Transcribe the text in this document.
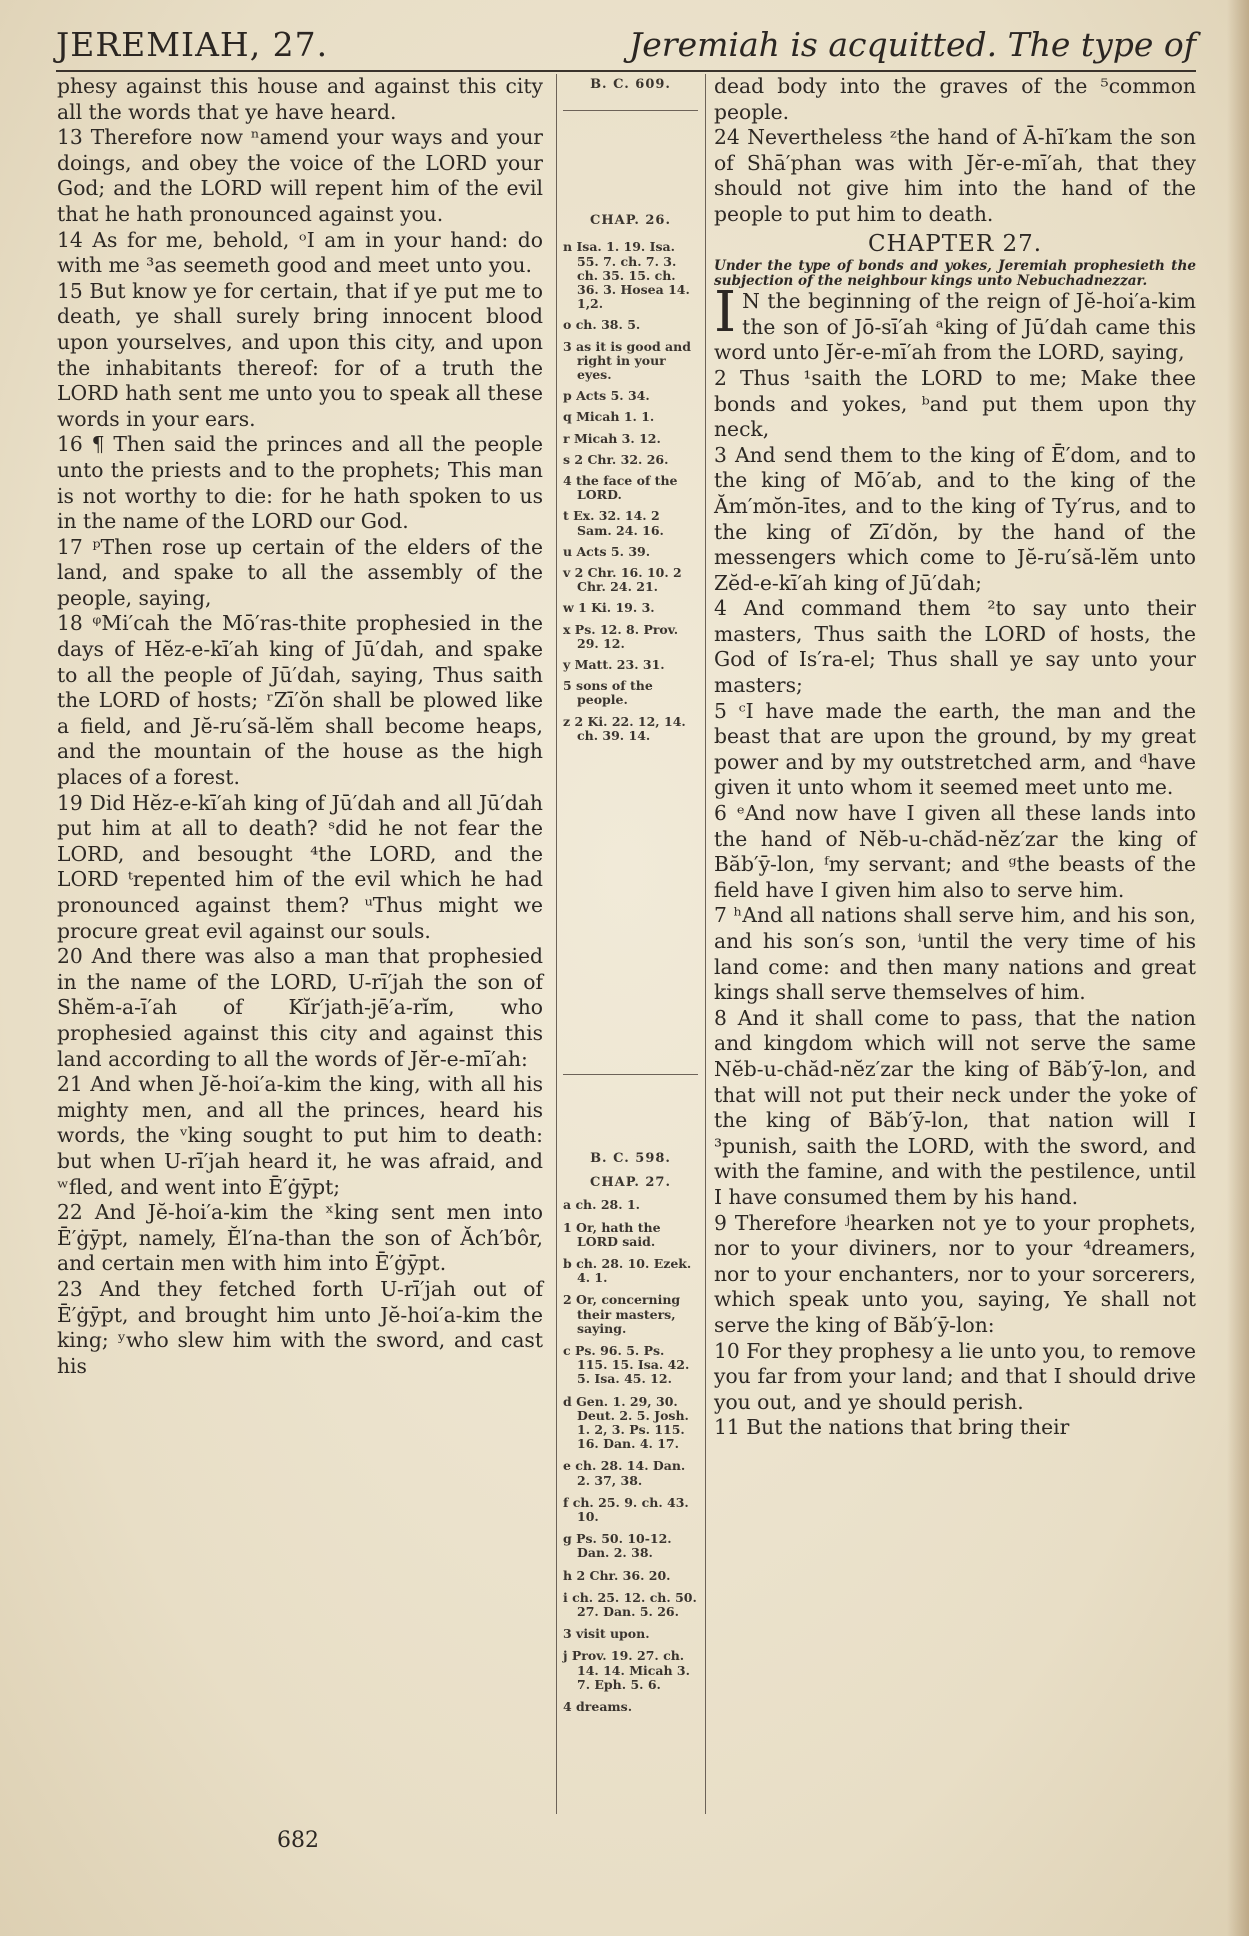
JEREMIAH, 27.	Jeremiah is acquitted. The type of

phesy against this house and against this city all the words that ye have heard.

13 Therefore now ⁿamend your ways and your doings, and obey the voice of the LORD your God; and the LORD will repent him of the evil that he hath pronounced against you.

14 As for me, behold, ᵒI am in your hand: do with me ³as seemeth good and meet unto you.

15 But know ye for certain, that if ye put me to death, ye shall surely bring innocent blood upon yourselves, and upon this city, and upon the inhabitants thereof: for of a truth the LORD hath sent me unto you to speak all these words in your ears.

16 ¶ Then said the princes and all the people unto the priests and to the prophets; This man is not worthy to die: for he hath spoken to us in the name of the LORD our God.

17 ᵖThen rose up certain of the elders of the land, and spake to all the assembly of the people, saying,

18 ᵠMi′cah the Mō′ras-thite prophesied in the days of Hĕz-e-kī′ah king of Jū′dah, and spake to all the people of Jū′dah, saying, Thus saith the LORD of hosts; ʳZī′ŏn shall be plowed like a field, and Jĕ-ru′să-lĕm shall become heaps, and the mountain of the house as the high places of a forest.

19 Did Hĕz-e-kī′ah king of Jū′dah and all Jū′dah put him at all to death? ˢdid he not fear the LORD, and besought ⁴the LORD, and the LORD ᵗrepented him of the evil which he had pronounced against them? ᵘThus might we procure great evil against our souls.

20 And there was also a man that prophesied in the name of the LORD, U-rī′jah the son of Shĕm-a-ī′ah of Kĭr′jath-jē′a-rĭm, who prophesied against this city and against this land according to all the words of Jĕr-e-mī′ah:

21 And when Jĕ-hoi′a-kim the king, with all his mighty men, and all the princes, heard his words, the ᵛking sought to put him to death: but when U-rī′jah heard it, he was afraid, and ʷfled, and went into Ē′ġȳpt;

22 And Jĕ-hoi′a-kim the ˣking sent men into Ē′ġȳpt, namely, Ĕl′na-than the son of Ăch′bôr, and certain men with him into Ē′ġȳpt.

23 And they fetched forth U-rī′jah out of Ē′ġȳpt, and brought him unto Jĕ-hoi′a-kim the king; ʸwho slew him with the sword, and cast his

B. C. 609.
CHAP. 26.
n Isa. 1. 19. Isa. 55. 7. ch. 7. 3. ch. 35. 15. ch. 36. 3. Hosea 14. 1,2.
o ch. 38. 5.
3 as it is good and right in your eyes.
p Acts 5. 34.
q Micah 1. 1.
r Micah 3. 12.
s 2 Chr. 32. 26.
4 the face of the LORD.
t Ex. 32. 14. 2 Sam. 24. 16.
u Acts 5. 39.
v 2 Chr. 16. 10. 2 Chr. 24. 21.
w 1 Ki. 19. 3.
x Ps. 12. 8. Prov. 29. 12.
y Matt. 23. 31.
5 sons of the people.
z 2 Ki. 22. 12, 14. ch. 39. 14.
B. C. 598.
CHAP. 27.
a ch. 28. 1.
1 Or, hath the LORD said.
b ch. 28. 10. Ezek. 4. 1.
2 Or, concerning their masters, saying.
c Ps. 96. 5. Ps. 115. 15. Isa. 42. 5. Isa. 45. 12.
d Gen. 1. 29, 30. Deut. 2. 5. Josh. 1. 2, 3. Ps. 115. 16. Dan. 4. 17.
e ch. 28. 14. Dan. 2. 37, 38.
f ch. 25. 9. ch. 43. 10.
g Ps. 50. 10-12. Dan. 2. 38.
h 2 Chr. 36. 20.
i ch. 25. 12. ch. 50. 27. Dan. 5. 26.
3 visit upon.
j Prov. 19. 27. ch. 14. 14. Micah 3. 7. Eph. 5. 6.
4 dreams.

dead body into the graves of the ⁵common people.

24 Nevertheless ᶻthe hand of Ā-hī′kam the son of Shā′phan was with Jĕr-e-mī′ah, that they should not give him into the hand of the people to put him to death.

CHAPTER 27.

Under the type of bonds and yokes, Jeremiah prophesieth the subjection of the neighbour kings unto Nebuchadnezzar.

I N the beginning of the reign of Jĕ-hoi′a-kim the son of Jō-sī′ah ᵃking of Jū′dah came this word unto Jĕr-e-mī′ah from the LORD, saying,

2 Thus ¹saith the LORD to me; Make thee bonds and yokes, ᵇand put them upon thy neck,

3 And send them to the king of Ē′dom, and to the king of Mō′ab, and to the king of the Ăm′mŏn-ītes, and to the king of Ty′rus, and to the king of Zī′dŏn, by the hand of the messengers which come to Jĕ-ru′să-lĕm unto Zĕd-e-kī′ah king of Jū′dah;

4 And command them ²to say unto their masters, Thus saith the LORD of hosts, the God of Is′ra-el; Thus shall ye say unto your masters;

5 ᶜI have made the earth, the man and the beast that are upon the ground, by my great power and by my outstretched arm, and ᵈhave given it unto whom it seemed meet unto me.

6 ᵉAnd now have I given all these lands into the hand of Nĕb-u-chăd-nĕz′zar the king of Băb′ȳ-lon, ᶠmy servant; and ᵍthe beasts of the field have I given him also to serve him.

7 ʰAnd all nations shall serve him, and his son, and his son′s son, ⁱuntil the very time of his land come: and then many nations and great kings shall serve themselves of him.

8 And it shall come to pass, that the nation and kingdom which will not serve the same Nĕb-u-chăd-nĕz′zar the king of Băb′ȳ-lon, and that will not put their neck under the yoke of the king of Băb′ȳ-lon, that nation will I ³punish, saith the LORD, with the sword, and with the famine, and with the pestilence, until I have consumed them by his hand.

9 Therefore ʲhearken not ye to your prophets, nor to your diviners, nor to your ⁴dreamers, nor to your enchanters, nor to your sorcerers, which speak unto you, saying, Ye shall not serve the king of Băb′ȳ-lon:

10 For they prophesy a lie unto you, to remove you far from your land; and that I should drive you out, and ye should perish.

11 But the nations that bring their

682
